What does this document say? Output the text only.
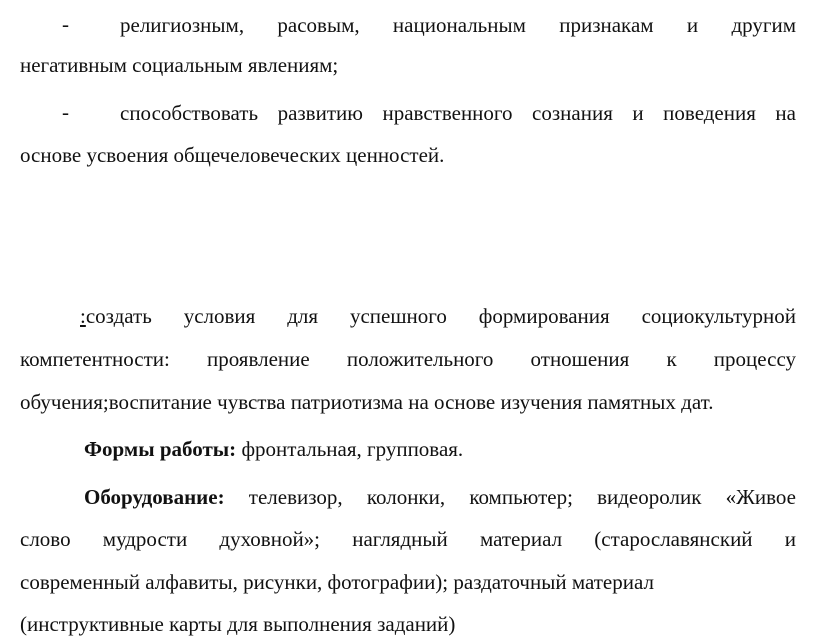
- религиозным, расовым, национальным признакам и другим
негативным социальным явлениям;
- способствовать развитию нравственного сознания и поведения на
основе усвоения общечеловеческих ценностей.
:создать условия для успешного формирования социокультурной
компетентности: проявление положительного отношения к процессу
обучения;воспитание чувства патриотизма на основе изучения памятных дат.
Формы работы: фронтальная, групповая.
Оборудование: телевизор, колонки, компьютер; видеоролик «Живое
слово мудрости духовной»; наглядный материал (старославянский и
современный алфавиты, рисунки, фотографии); раздаточный материал
(инструктивные карты для выполнения заданий)
